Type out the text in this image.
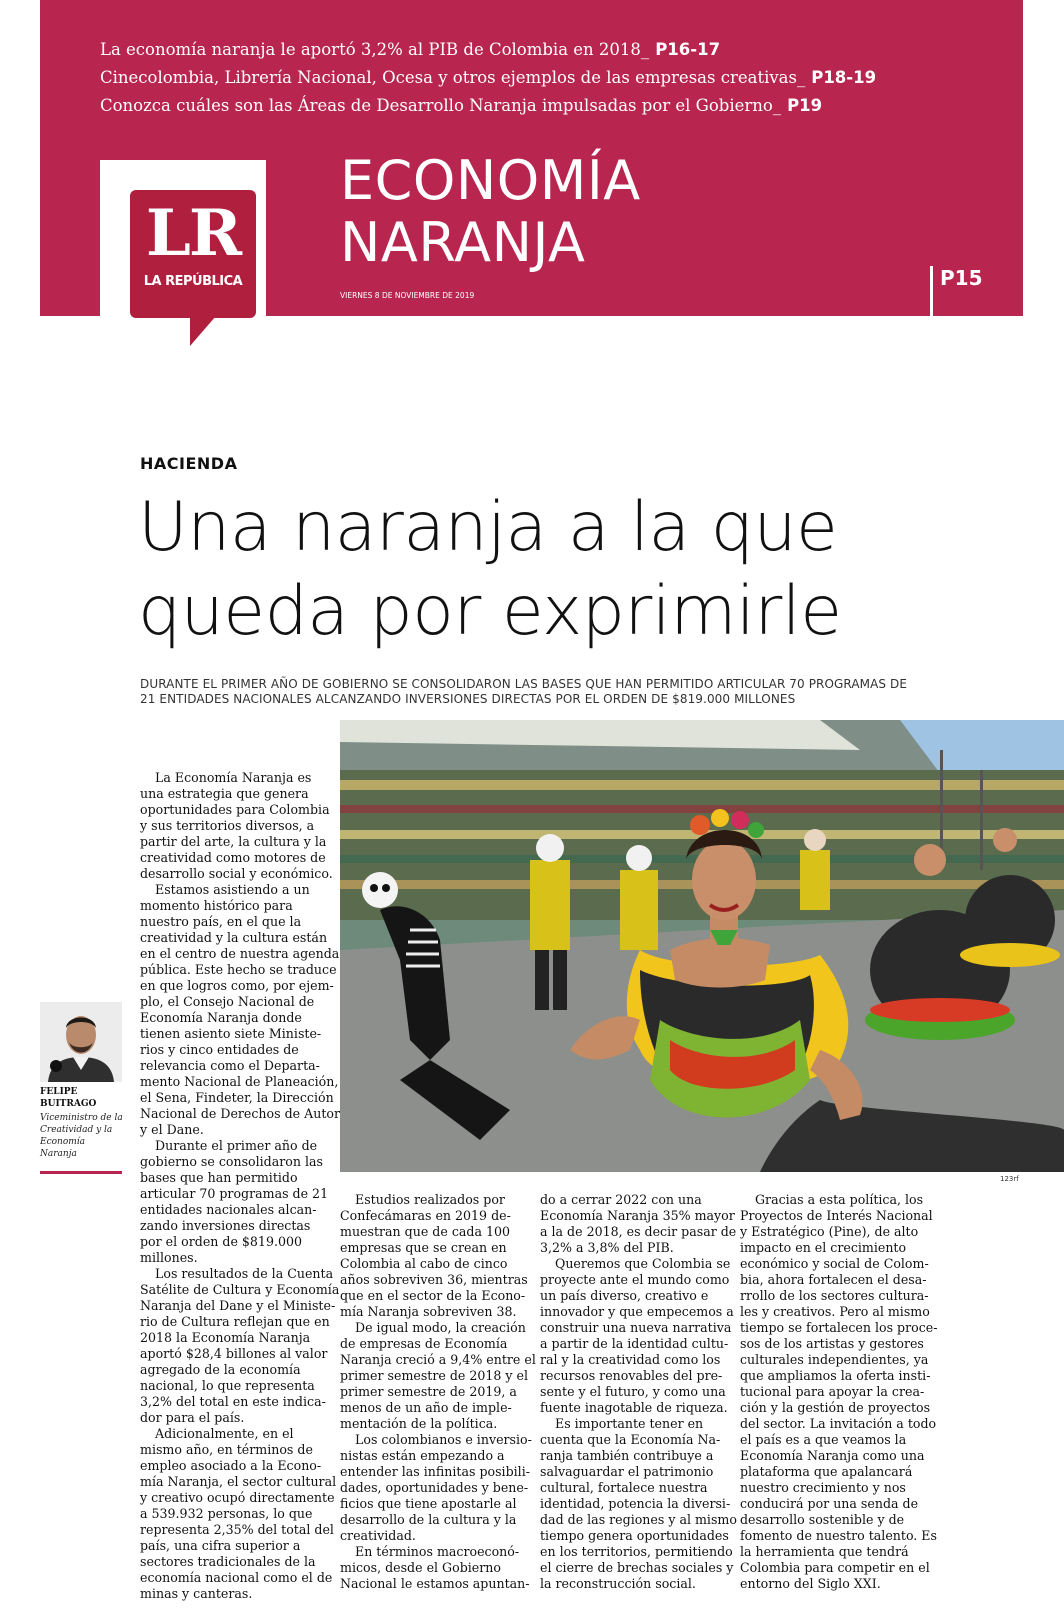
La economía naranja le aportó 3,2% al PIB de Colombia en 2018_ P16-17
Cinecolombia, Librería Nacional, Ocesa y otros ejemplos de las empresas creativas_ P18-19
Conozca cuáles son las Áreas de Desarrollo Naranja impulsadas por el Gobierno_ P19
LR
LA REPÚBLICA
ECONOMÍA
NARANJA
VIERNES 8 DE NOVIEMBRE DE 2019
P15
HACIENDA
Una naranja a la que
queda por exprimirle
DURANTE EL PRIMER AÑO DE GOBIERNO SE CONSOLIDARON LAS BASES QUE HAN PERMITIDO ARTICULAR 70 PROGRAMAS DE
21 ENTIDADES NACIONALES ALCANZANDO INVERSIONES DIRECTAS POR EL ORDEN DE $819.000 MILLONES
123rf
FELIPE
BUITRAGO
Viceministro de la
Creatividad y la
Economía
Naranja
La Economía Naranja es
una estrategia que genera
oportunidades para Colombia
y sus territorios diversos, a
partir del arte, la cultura y la
creatividad como motores de
desarrollo social y económico.
Estamos asistiendo a un
momento histórico para
nuestro país, en el que la
creatividad y la cultura están
en el centro de nuestra agenda
pública. Este hecho se traduce
en que logros como, por ejem-
plo, el Consejo Nacional de
Economía Naranja donde
tienen asiento siete Ministe-
rios y cinco entidades de
relevancia como el Departa-
mento Nacional de Planeación,
el Sena, Findeter, la Dirección
Nacional de Derechos de Autor
y el Dane.
Durante el primer año de
gobierno se consolidaron las
bases que han permitido
articular 70 programas de 21
entidades nacionales alcan-
zando inversiones directas
por el orden de $819.000
millones.
Los resultados de la Cuenta
Satélite de Cultura y Economía
Naranja del Dane y el Ministe-
rio de Cultura reflejan que en
2018 la Economía Naranja
aportó $28,4 billones al valor
agregado de la economía
nacional, lo que representa
3,2% del total en este indica-
dor para el país.
Adicionalmente, en el
mismo año, en términos de
empleo asociado a la Econo-
mía Naranja, el sector cultural
y creativo ocupó directamente
a 539.932 personas, lo que
representa 2,35% del total del
país, una cifra superior a
sectores tradicionales de la
economía nacional como el de
minas y canteras.
Estudios realizados por
Confecámaras en 2019 de-
muestran que de cada 100
empresas que se crean en
Colombia al cabo de cinco
años sobreviven 36, mientras
que en el sector de la Econo-
mía Naranja sobreviven 38.
De igual modo, la creación
de empresas de Economía
Naranja creció a 9,4% entre el
primer semestre de 2018 y el
primer semestre de 2019, a
menos de un año de imple-
mentación de la política.
Los colombianos e inversio-
nistas están empezando a
entender las infinitas posibili-
dades, oportunidades y bene-
ficios que tiene apostarle al
desarrollo de la cultura y la
creatividad.
En términos macroeconó-
micos, desde el Gobierno
Nacional le estamos apuntan-
do a cerrar 2022 con una
Economía Naranja 35% mayor
a la de 2018, es decir pasar de
3,2% a 3,8% del PIB.
Queremos que Colombia se
proyecte ante el mundo como
un país diverso, creativo e
innovador y que empecemos a
construir una nueva narrativa
a partir de la identidad cultu-
ral y la creatividad como los
recursos renovables del pre-
sente y el futuro, y como una
fuente inagotable de riqueza.
Es importante tener en
cuenta que la Economía Na-
ranja también contribuye a
salvaguardar el patrimonio
cultural, fortalece nuestra
identidad, potencia la diversi-
dad de las regiones y al mismo
tiempo genera oportunidades
en los territorios, permitiendo
el cierre de brechas sociales y
la reconstrucción social.
Gracias a esta política, los
Proyectos de Interés Nacional
y Estratégico (Pine), de alto
impacto en el crecimiento
económico y social de Colom-
bia, ahora fortalecen el desa-
rrollo de los sectores cultura-
les y creativos. Pero al mismo
tiempo se fortalecen los proce-
sos de los artistas y gestores
culturales independientes, ya
que ampliamos la oferta insti-
tucional para apoyar la crea-
ción y la gestión de proyectos
del sector. La invitación a todo
el país es a que veamos la
Economía Naranja como una
plataforma que apalancará
nuestro crecimiento y nos
conducirá por una senda de
desarrollo sostenible y de
fomento de nuestro talento. Es
la herramienta que tendrá
Colombia para competir en el
entorno del Siglo XXI.
